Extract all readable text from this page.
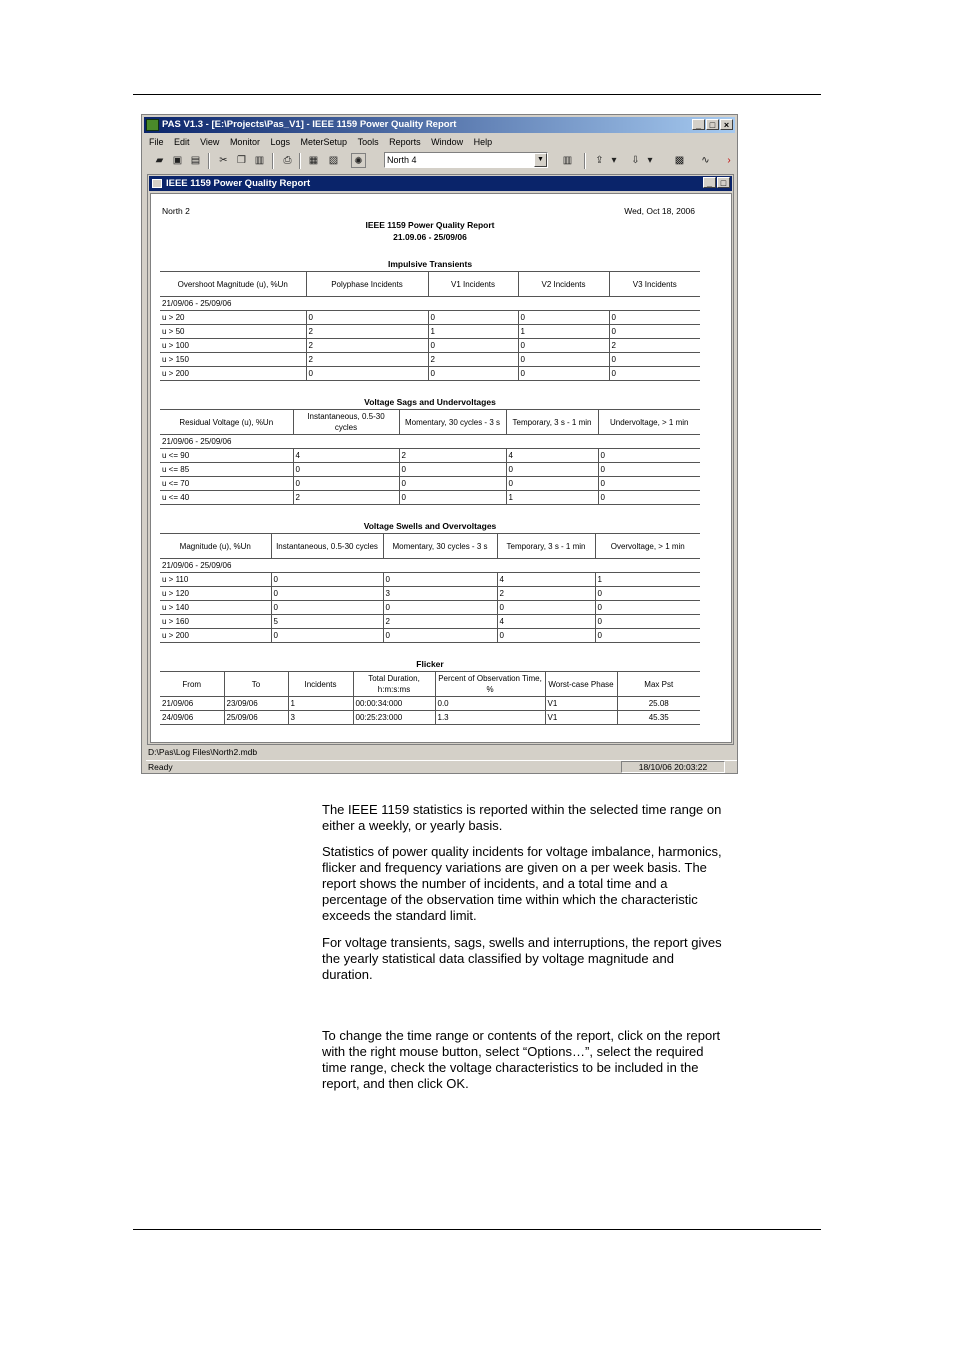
PAS V1.3 - [E:\Projects\Pas_V1] - IEEE 1159 Power Quality Report	_ □ ×
File Edit View Monitor Logs MeterSetup Tools Reports Window Help
▰ ▣ ▤	✂ ❐ ▥	⎙	▦ ▧	✺	North 4	▼	▥	⇪ ▾	⇩ ▾ ▩	∿	›
IEEE 1159 Power Quality Report	_ □
North 2	Wed, Oct 18, 2006
IEEE 1159 Power Quality Report
21.09.06 - 25/09/06
Impulsive Transients
Overshoot Magnitude (u), %Un	Polyphase Incidents	V1 Incidents	V2 Incidents	V3 Incidents
21/09/06 - 25/09/06				
u > 20	0	0	0	0
u > 50	2	1	1	0
u > 100	2	0	0	2
u > 150	2	2	0	0
u > 200	0	0	0	0
Voltage Sags and Undervoltages
Residual Voltage (u), %Un	Instantaneous, 0.5-30 cycles	Momentary, 30 cycles - 3 s	Temporary, 3 s - 1 min	Undervoltage, > 1 min
21/09/06 - 25/09/06				
u <= 90	4	2	4	0
u <= 85	0	0	0	0
u <= 70	0	0	0	0
u <= 40	2	0	1	0
Voltage Swells and Overvoltages
Magnitude (u), %Un	Instantaneous, 0.5-30 cycles	Momentary, 30 cycles - 3 s	Temporary, 3 s - 1 min	Overvoltage, > 1 min
21/09/06 - 25/09/06				
u > 110	0	0	4	1
u > 120	0	3	2	0
u > 140	0	0	0	0
u > 160	5	2	4	0
u > 200	0	0	0	0
Flicker
From	To	Incidents	Total Duration, h:m:s:ms	Percent of Observation Time, %	Worst-case Phase	Max Pst
21/09/06	23/09/06	1	00:00:34:000	0.0	V1	25.08
24/09/06	25/09/06	3	00:25:23:000	1.3	V1	45.35
D:\Pas\Log Files\North2.mdb
Ready	18/10/06 20:03:22

The IEEE 1159 statistics is reported within the selected time range on either a weekly, or yearly basis.

Statistics of power quality incidents for voltage imbalance, harmonics, flicker and frequency variations are given on a per week basis. The report shows the number of incidents, and a total time and a percentage of the observation time within which the characteristic exceeds the standard limit.

For voltage transients, sags, swells and interruptions, the report gives the yearly statistical data classified by voltage magnitude and duration.

To change the time range or contents of the report, click on the report with the right mouse button, select “Options…”, select the required time range, check the voltage characteristics to be included in the report, and then click OK.
